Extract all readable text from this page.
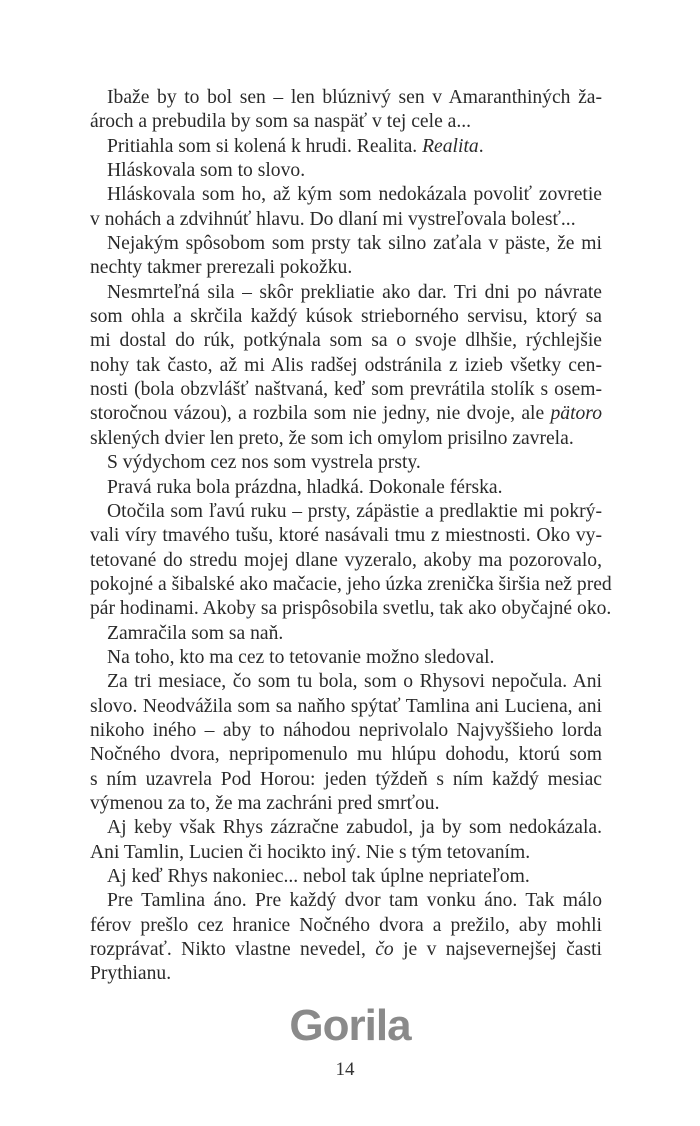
Ibaže by to bol sen – len blúznivý sen v Amaranthiných ža-
ároch a prebudila by som sa naspäť v tej cele a...
Pritiahla som si kolená k hrudi. Realita. Realita.
Hláskovala som to slovo.
Hláskovala som ho, až kým som nedokázala povoliť zovretie
v nohách a zdvihnúť hlavu. Do dlaní mi vystreľovala bolesť...
Nejakým spôsobom som prsty tak silno zaťala v päste, že mi
nechty takmer prerezali pokožku.
Nesmrteľná sila – skôr prekliatie ako dar. Tri dni po návrate
som ohla a skrčila každý kúsok strieborného servisu, ktorý sa
mi dostal do rúk, potkýnala som sa o svoje dlhšie, rýchlejšie
nohy tak často, až mi Alis radšej odstránila z izieb všetky cen-
nosti (bola obzvlášť naštvaná, keď som prevrátila stolík s osem-
storočnou vázou), a rozbila som nie jedny, nie dvoje, ale pätoro
sklených dvier len preto, že som ich omylom prisilno zavrela.
S výdychom cez nos som vystrela prsty.
Pravá ruka bola prázdna, hladká. Dokonale férska.
Otočila som ľavú ruku – prsty, zápästie a predlaktie mi pokrý-
vali víry tmavého tušu, ktoré nasávali tmu z miestnosti. Oko vy-
tetované do stredu mojej dlane vyzeralo, akoby ma pozorovalo,
pokojné a šibalské ako mačacie, jeho úzka zrenička širšia než pred
pár hodinami. Akoby sa prispôsobila svetlu, tak ako obyčajné oko.
Zamračila som sa naň.
Na toho, kto ma cez to tetovanie možno sledoval.
Za tri mesiace, čo som tu bola, som o Rhysovi nepočula. Ani
slovo. Neodvážila som sa naňho spýtať Tamlina ani Luciena, ani
nikoho iného – aby to náhodou neprivolalo Najvyššieho lorda
Nočného dvora, nepripomenulo mu hlúpu dohodu, ktorú som
s ním uzavrela Pod Horou: jeden týždeň s ním každý mesiac
výmenou za to, že ma zachráni pred smrťou.
Aj keby však Rhys zázračne zabudol, ja by som nedokázala.
Ani Tamlin, Lucien či hocikto iný. Nie s tým tetovaním.
Aj keď Rhys nakoniec... nebol tak úplne nepriateľom.
Pre Tamlina áno. Pre každý dvor tam vonku áno. Tak málo
férov prešlo cez hranice Nočného dvora a prežilo, aby mohli
rozprávať. Nikto vlastne nevedel, čo je v najsevernejšej časti
Prythianu.
Gorila
14
